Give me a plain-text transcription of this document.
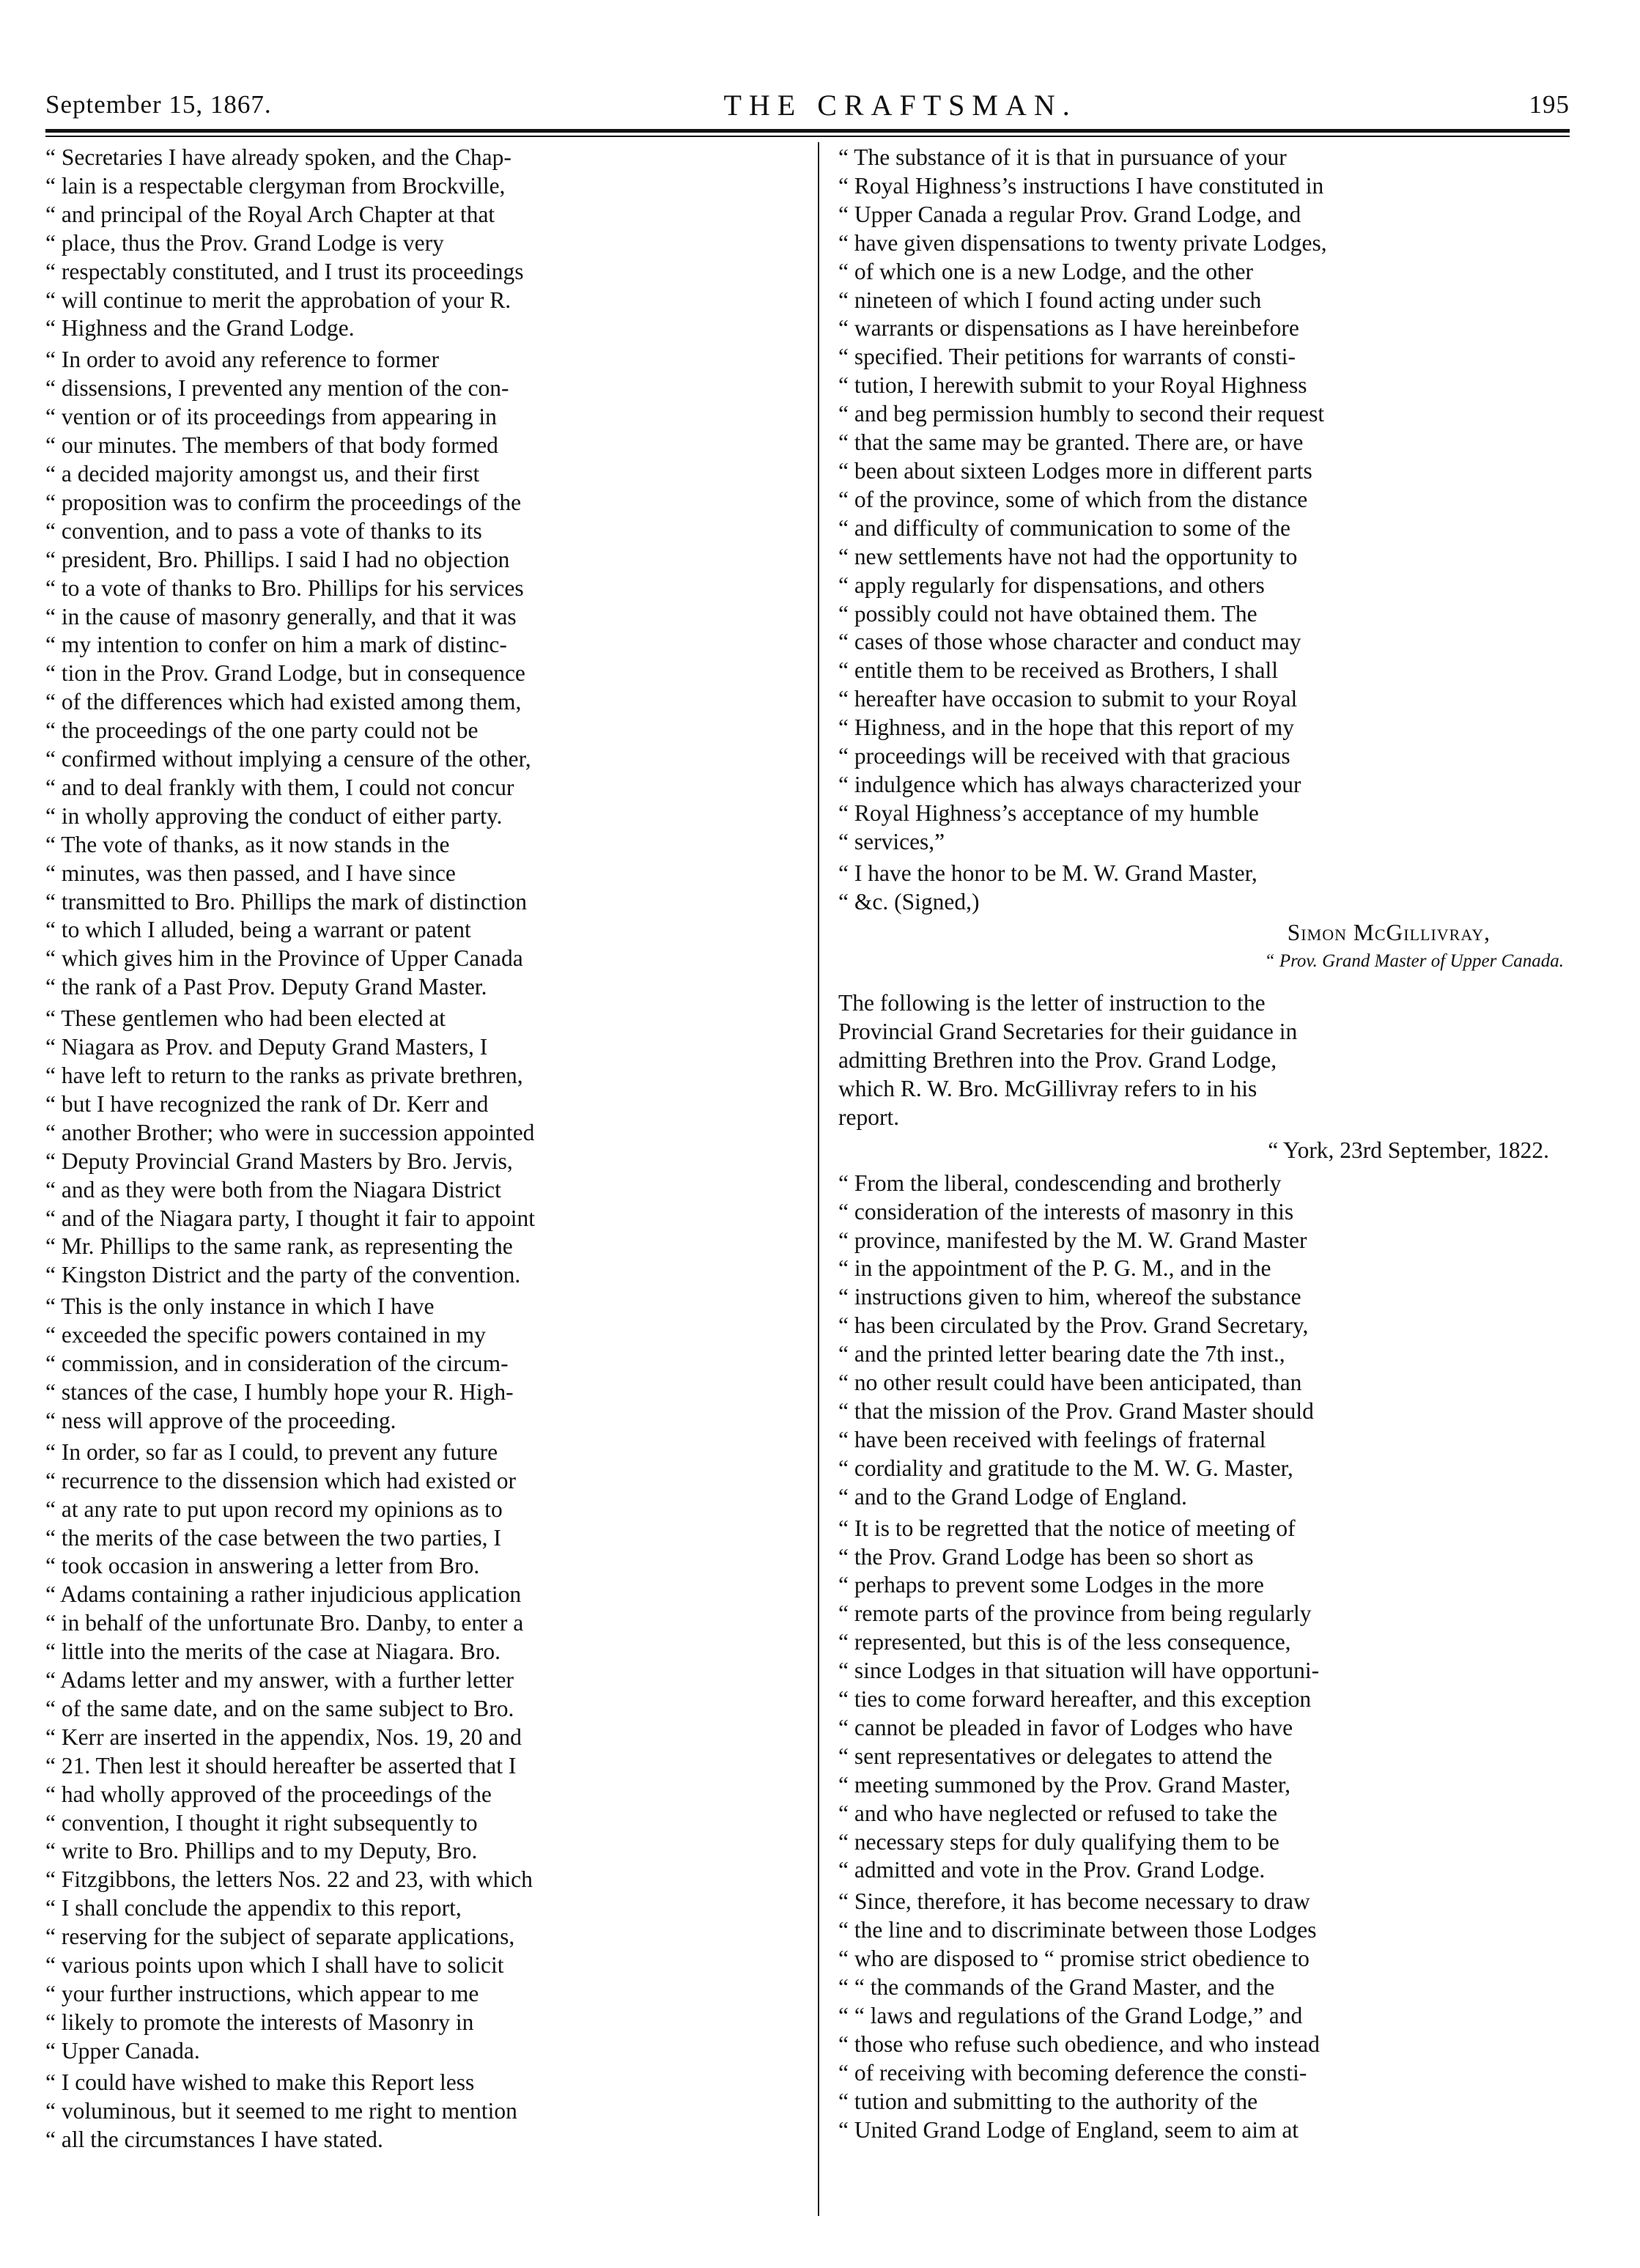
September 15, 1867.	THE CRAFTSMAN.	195
“ Secretaries I have already spoken, and the Chap-
“ lain is a respectable clergyman from Brockville,
“ and principal of the Royal Arch Chapter at that
“ place, thus the Prov. Grand Lodge is very
“ respectably constituted, and I trust its proceedings
“ will continue to merit the approbation of your R.
“ Highness and the Grand Lodge.
“ In order to avoid any reference to former
“ dissensions, I prevented any mention of the con-
“ vention or of its proceedings from appearing in
“ our minutes. The members of that body formed
“ a decided majority amongst us, and their first
“ proposition was to confirm the proceedings of the
“ convention, and to pass a vote of thanks to its
“ president, Bro. Phillips. I said I had no objection
“ to a vote of thanks to Bro. Phillips for his services
“ in the cause of masonry generally, and that it was
“ my intention to confer on him a mark of distinc-
“ tion in the Prov. Grand Lodge, but in consequence
“ of the differences which had existed among them,
“ the proceedings of the one party could not be
“ confirmed without implying a censure of the other,
“ and to deal frankly with them, I could not concur
“ in wholly approving the conduct of either party.
“ The vote of thanks, as it now stands in the
“ minutes, was then passed, and I have since
“ transmitted to Bro. Phillips the mark of distinction
“ to which I alluded, being a warrant or patent
“ which gives him in the Province of Upper Canada
“ the rank of a Past Prov. Deputy Grand Master.
“ These gentlemen who had been elected at
“ Niagara as Prov. and Deputy Grand Masters, I
“ have left to return to the ranks as private brethren,
“ but I have recognized the rank of Dr. Kerr and
“ another Brother; who were in succession appointed
“ Deputy Provincial Grand Masters by Bro. Jervis,
“ and as they were both from the Niagara District
“ and of the Niagara party, I thought it fair to appoint
“ Mr. Phillips to the same rank, as representing the
“ Kingston District and the party of the convention.
“ This is the only instance in which I have
“ exceeded the specific powers contained in my
“ commission, and in consideration of the circum-
“ stances of the case, I humbly hope your R. High-
“ ness will approve of the proceeding.
“ In order, so far as I could, to prevent any future
“ recurrence to the dissension which had existed or
“ at any rate to put upon record my opinions as to
“ the merits of the case between the two parties, I
“ took occasion in answering a letter from Bro.
“ Adams containing a rather injudicious application
“ in behalf of the unfortunate Bro. Danby, to enter a
“ little into the merits of the case at Niagara. Bro.
“ Adams letter and my answer, with a further letter
“ of the same date, and on the same subject to Bro.
“ Kerr are inserted in the appendix, Nos. 19, 20 and
“ 21. Then lest it should hereafter be asserted that I
“ had wholly approved of the proceedings of the
“ convention, I thought it right subsequently to
“ write to Bro. Phillips and to my Deputy, Bro.
“ Fitzgibbons, the letters Nos. 22 and 23, with which
“ I shall conclude the appendix to this report,
“ reserving for the subject of separate applications,
“ various points upon which I shall have to solicit
“ your further instructions, which appear to me
“ likely to promote the interests of Masonry in
“ Upper Canada.
“ I could have wished to make this Report less
“ voluminous, but it seemed to me right to mention
“ all the circumstances I have stated.
“ The substance of it is that in pursuance of your
“ Royal Highness’s instructions I have constituted in
“ Upper Canada a regular Prov. Grand Lodge, and
“ have given dispensations to twenty private Lodges,
“ of which one is a new Lodge, and the other
“ nineteen of which I found acting under such
“ warrants or dispensations as I have hereinbefore
“ specified. Their petitions for warrants of consti-
“ tution, I herewith submit to your Royal Highness
“ and beg permission humbly to second their request
“ that the same may be granted. There are, or have
“ been about sixteen Lodges more in different parts
“ of the province, some of which from the distance
“ and difficulty of communication to some of the
“ new settlements have not had the opportunity to
“ apply regularly for dispensations, and others
“ possibly could not have obtained them. The
“ cases of those whose character and conduct may
“ entitle them to be received as Brothers, I shall
“ hereafter have occasion to submit to your Royal
“ Highness, and in the hope that this report of my
“ proceedings will be received with that gracious
“ indulgence which has always characterized your
“ Royal Highness’s acceptance of my humble
“ services,”
“ I have the honor to be M. W. Grand Master,
“ &c. (Signed,)
Simon McGillivray,
“ Prov. Grand Master of Upper Canada.
The following is the letter of instruction to the
Provincial Grand Secretaries for their guidance in
admitting Brethren into the Prov. Grand Lodge,
which R. W. Bro. McGillivray refers to in his
report.
“ York, 23rd September, 1822.
“ From the liberal, condescending and brotherly
“ consideration of the interests of masonry in this
“ province, manifested by the M. W. Grand Master
“ in the appointment of the P. G. M., and in the
“ instructions given to him, whereof the substance
“ has been circulated by the Prov. Grand Secretary,
“ and the printed letter bearing date the 7th inst.,
“ no other result could have been anticipated, than
“ that the mission of the Prov. Grand Master should
“ have been received with feelings of fraternal
“ cordiality and gratitude to the M. W. G. Master,
“ and to the Grand Lodge of England.
“ It is to be regretted that the notice of meeting of
“ the Prov. Grand Lodge has been so short as
“ perhaps to prevent some Lodges in the more
“ remote parts of the province from being regularly
“ represented, but this is of the less consequence,
“ since Lodges in that situation will have opportuni-
“ ties to come forward hereafter, and this exception
“ cannot be pleaded in favor of Lodges who have
“ sent representatives or delegates to attend the
“ meeting summoned by the Prov. Grand Master,
“ and who have neglected or refused to take the
“ necessary steps for duly qualifying them to be
“ admitted and vote in the Prov. Grand Lodge.
“ Since, therefore, it has become necessary to draw
“ the line and to discriminate between those Lodges
“ who are disposed to “ promise strict obedience to
“ “ the commands of the Grand Master, and the
“ “ laws and regulations of the Grand Lodge,” and
“ those who refuse such obedience, and who instead
“ of receiving with becoming deference the consti-
“ tution and submitting to the authority of the
“ United Grand Lodge of England, seem to aim at
